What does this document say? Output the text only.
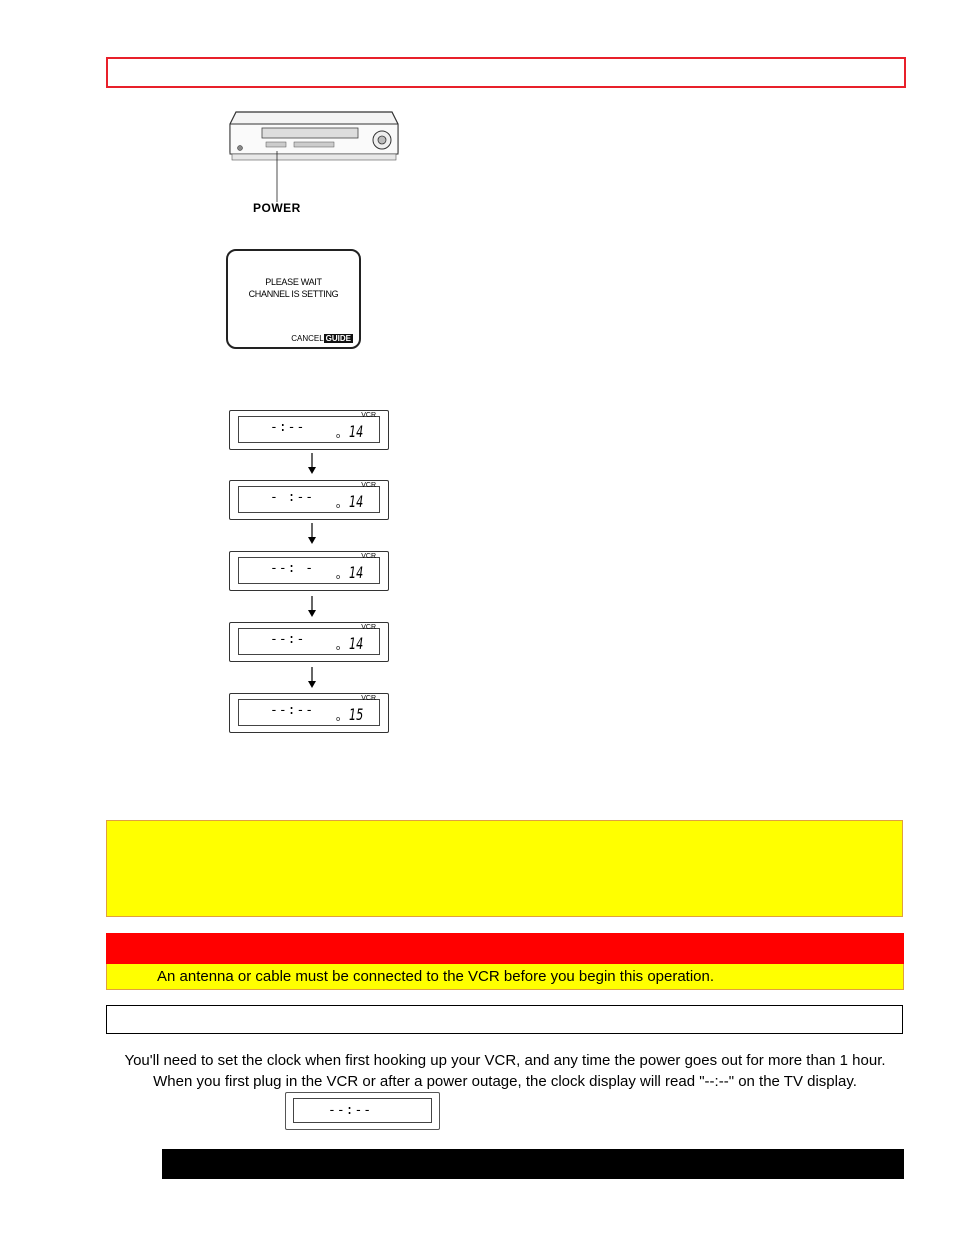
POWER
PLEASE WAIT
CHANNEL IS SETTING
CANCEL GUIDE
VCR
-:--
o 14
VCR
- :--
o 14
VCR
--: -
o 14
VCR
--:-
o 14
VCR
--:--
o 15
An antenna or cable must be connected to the VCR before you begin this operation.
You'll need to set the clock when first hooking up your VCR, and any time the power goes out for more than 1 hour. When you first plug in the VCR or after a power outage, the clock display will read "--:--" on the TV display.
--:--
